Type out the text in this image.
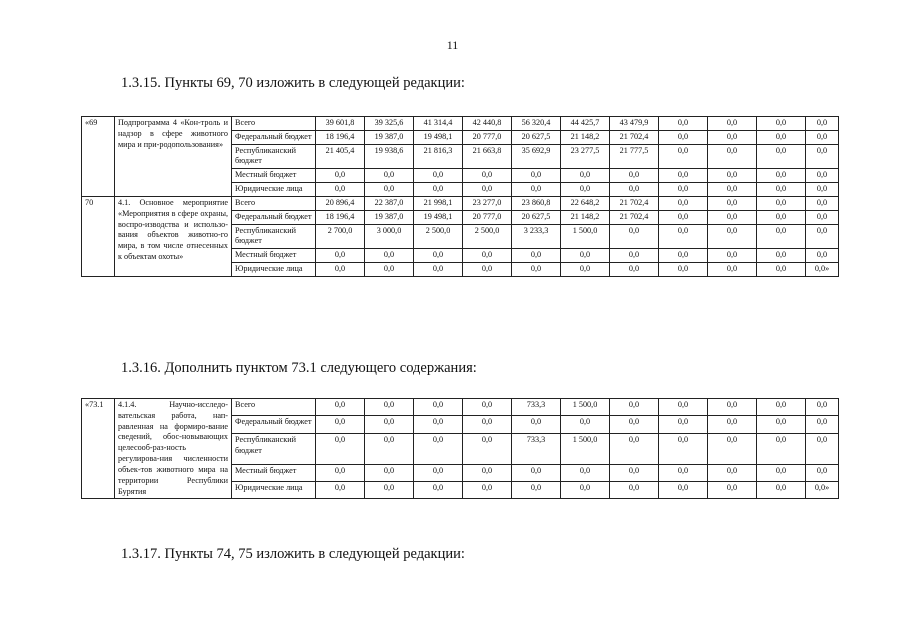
11
1.3.15. Пункты 69, 70 изложить в следующей редакции:
«69	Подпрограмма 4 «Кон-троль и надзор в сфере животного мира и при-родопользования»	Всего	39 601,8	39 325,6	41 314,4	42 440,8	56 320,4	44 425,7	43 479,9	0,0	0,0	0,0	0,0
		Федеральный бюджет	18 196,4	19 387,0	19 498,1	20 777,0	20 627,5	21 148,2	21 702,4	0,0	0,0	0,0	0,0
		Республиканский бюджет	21 405,4	19 938,6	21 816,3	21 663,8	35 692,9	23 277,5	21 777,5	0,0	0,0	0,0	0,0
		Местный бюджет	0,0	0,0	0,0	0,0	0,0	0,0	0,0	0,0	0,0	0,0	0,0
		Юридические лица	0,0	0,0	0,0	0,0	0,0	0,0	0,0	0,0	0,0	0,0	0,0
70	4.1. Основное мероприятие «Мероприятия в сфере охраны, воспро-изводства и использо-вания объектов животно-го мира, в том числе отнесенных к объектам охоты»	Всего	20 896,4	22 387,0	21 998,1	23 277,0	23 860,8	22 648,2	21 702,4	0,0	0,0	0,0	0,0
		Федеральный бюджет	18 196,4	19 387,0	19 498,1	20 777,0	20 627,5	21 148,2	21 702,4	0,0	0,0	0,0	0,0
		Республиканский бюджет	2 700,0	3 000,0	2 500,0	2 500,0	3 233,3	1 500,0	0,0	0,0	0,0	0,0	0,0
		Местный бюджет	0,0	0,0	0,0	0,0	0,0	0,0	0,0	0,0	0,0	0,0	0,0
		Юридические лица	0,0	0,0	0,0	0,0	0,0	0,0	0,0	0,0	0,0	0,0	0,0»
1.3.16. Дополнить пунктом 73.1 следующего содержания:
«73.1	4.1.4. Научно-исследо-вательская работа, нап-равленная на формиро-вание сведений, обос-новывающих целесооб-раз-ность регулирова-ния численности объек-тов животного мира на территории Республики Бурятия	Всего	0,0	0,0	0,0	0,0	733,3	1 500,0	0,0	0,0	0,0	0,0	0,0
		Федеральный бюджет	0,0	0,0	0,0	0,0	0,0	0,0	0,0	0,0	0,0	0,0	0,0
		Республиканский бюджет	0,0	0,0	0,0	0,0	733,3	1 500,0	0,0	0,0	0,0	0,0	0,0
		Местный бюджет	0,0	0,0	0,0	0,0	0,0	0,0	0,0	0,0	0,0	0,0	0,0
		Юридические лица	0,0	0,0	0,0	0,0	0,0	0,0	0,0	0,0	0,0	0,0	0,0»
1.3.17. Пункты 74, 75 изложить в следующей редакции:
